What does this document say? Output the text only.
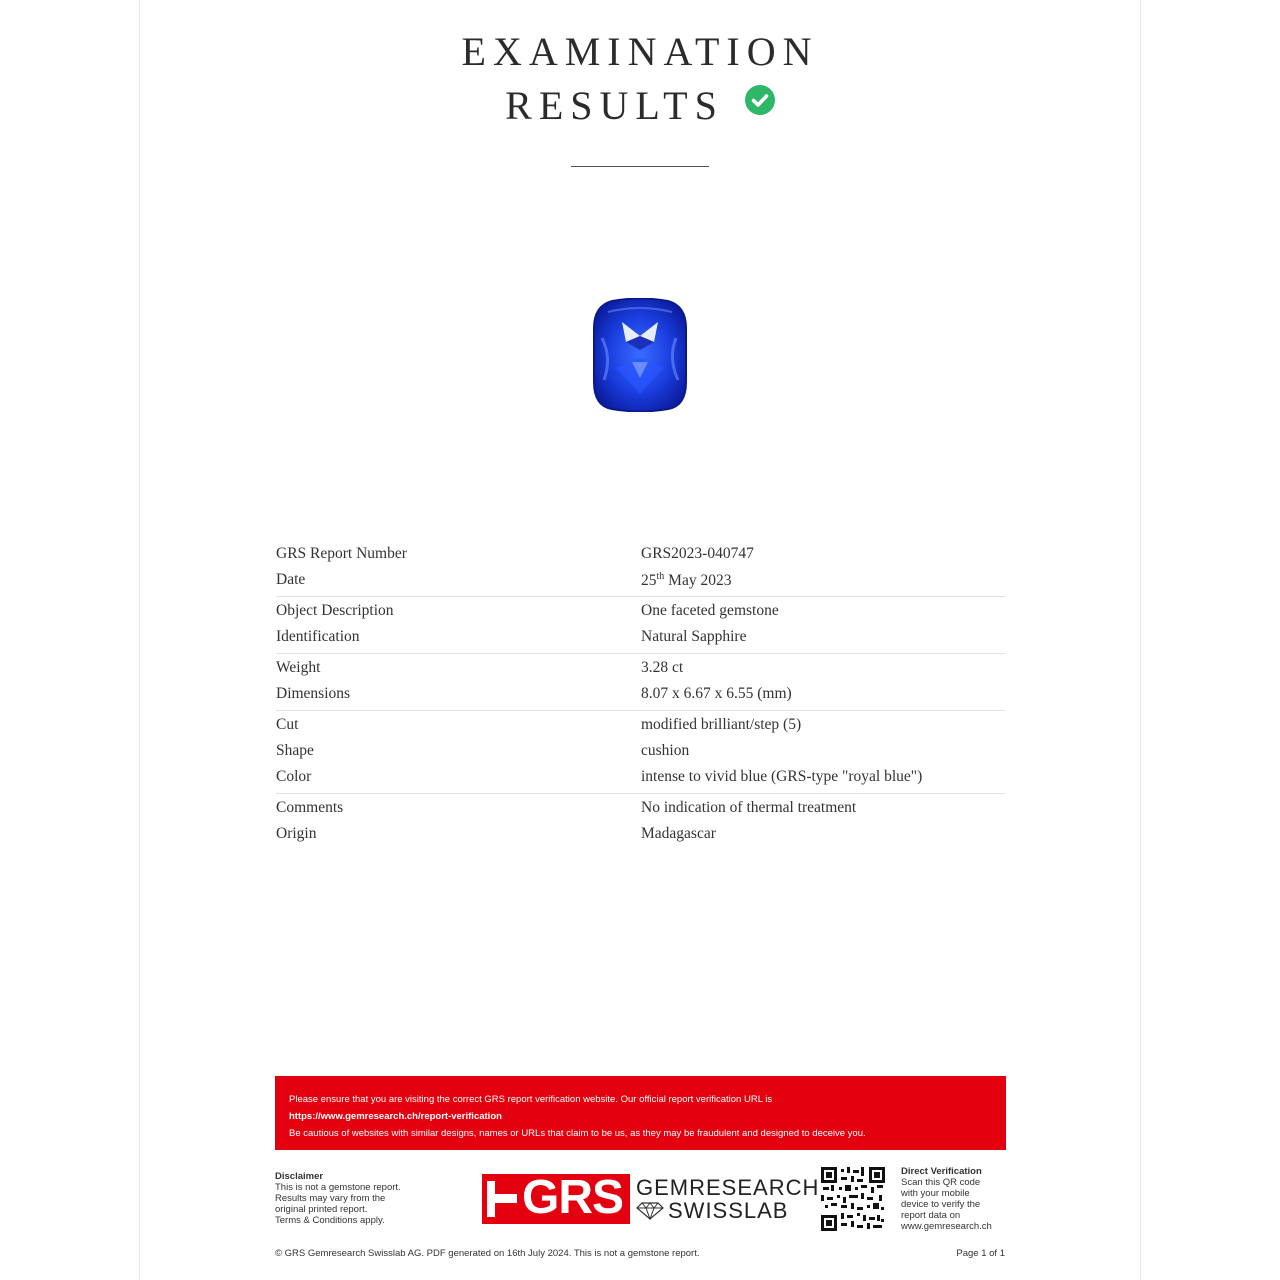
EXAMINATION
RESULTS
GRS Report Number	GRS2023-040747
Date	25th May 2023
Object Description	One faceted gemstone
Identification	Natural Sapphire
Weight	3.28 ct
Dimensions	8.07 x 6.67 x 6.55 (mm)
Cut	modified brilliant/step (5)
Shape	cushion
Color	intense to vivid blue (GRS-type "royal blue")
Comments	No indication of thermal treatment
Origin	Madagascar
Please ensure that you are visiting the correct GRS report verification website. Our official report verification URL is
https://www.gemresearch.ch/report-verification
Be cautious of websites with similar designs, names or URLs that claim to be us, as they may be fraudulent and designed to deceive you.
Disclaimer
This is not a gemstone report.
Results may vary from the
original printed report.
Terms & Conditions apply.	GRS GEMRESEARCH
SWISSLAB
Direct Verification
Scan this QR code
with your mobile
device to verify the
report data on
www.gemresearch.ch
© GRS Gemresearch Swisslab AG. PDF generated on 16th July 2024. This is not a gemstone report.	Page 1 of 1
